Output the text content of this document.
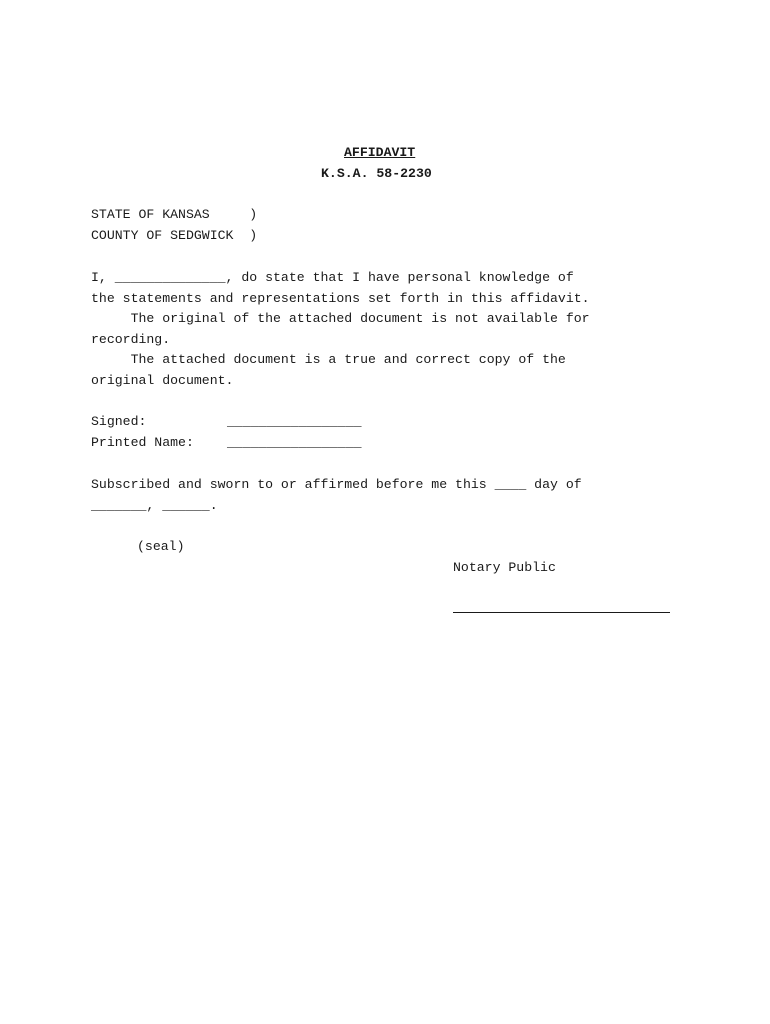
AFFIDAVIT
K.S.A. 58-2230
STATE OF KANSAS     )
COUNTY OF SEDGWICK  )
I, ______________, do state that I have personal knowledge of
the statements and representations set forth in this affidavit.
The original of the attached document is not available for
recording.
The attached document is a true and correct copy of the
original document.
Signed:	_________________
Printed Name:	_________________
Subscribed and sworn to or affirmed before me this ____ day of
_______, ______.
(seal)
Notary Public
